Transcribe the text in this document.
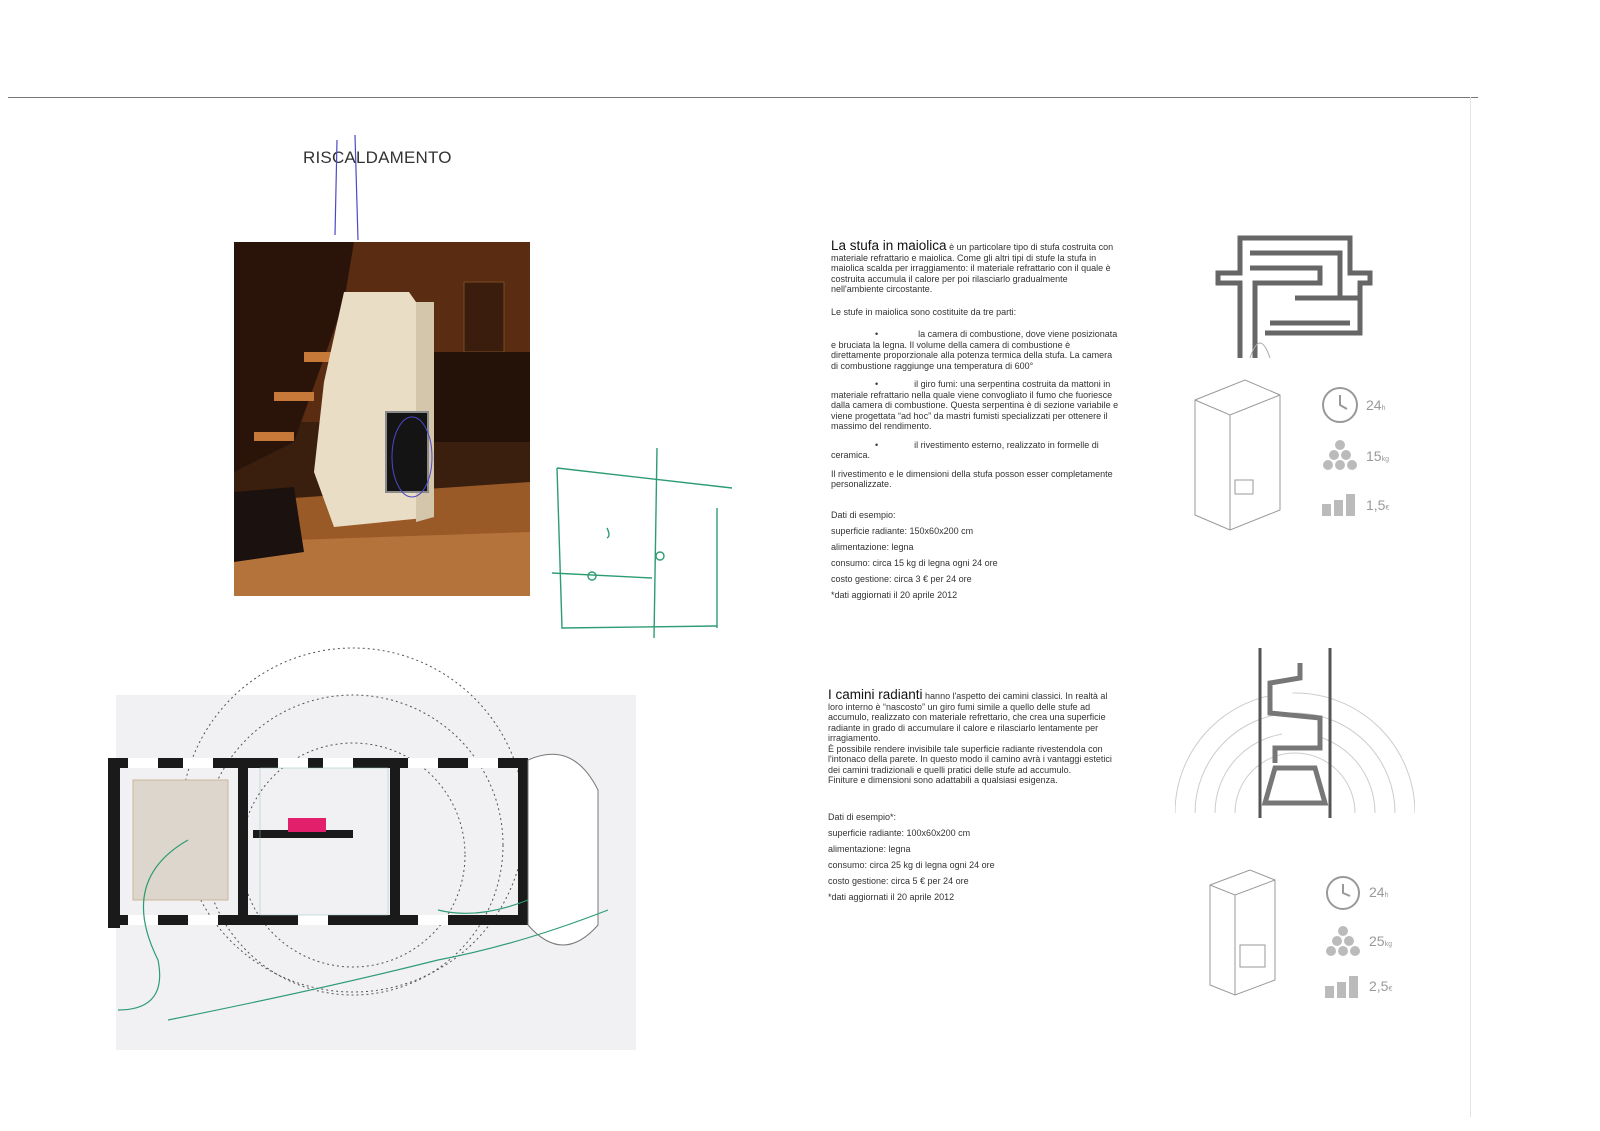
RISCALDAMENTO

La stufa in maiolica è un particolare tipo di stufa costruita con materiale refrattario e maiolica. Come gli altri tipi di stufe la stufa in maiolica scalda per irraggiamento: il materiale refrattario con il quale è costruita accumula il calore per poi rilasciarlo gradualmente nell'ambiente circostante.

Le stufe in maiolica sono costituite da tre parti:

•	la camera di combustione, dove viene posizionata e bruciata la legna. Il volume della camera di combustione è direttamente proporzionale alla potenza termica della stufa. La camera di combustione raggiunge una temperatura di 600°

•	il giro fumi: una serpentina costruita da mattoni in materiale refrattario nella quale viene convogliato il fumo che fuoriesce dalla camera di combustione. Questa serpentina è di sezione variabile e viene progettata “ad hoc” da mastri fumisti specializzati per ottenere il massimo del rendimento.

•	il rivestimento esterno, realizzato in formelle di ceramica.

Il rivestimento e le dimensioni della stufa posson esser completamente personalizzate.

Dati di esempio:
superficie radiante: 150x60x200 cm
alimentazione: legna
consumo: circa 15 kg di legna ogni 24 ore
costo gestione: circa 3 € per 24 ore
*dati aggiornati il 20 aprile 2012

I camini radianti hanno l'aspetto dei camini classici. In realtà al loro interno è “nascosto” un giro fumi simile a quello delle stufe ad accumulo, realizzato con materiale refrettario, che crea una superficie radiante in grado di accumulare il calore e rilasciarlo lentamente per irragiamento.

È possibile rendere invisibile tale superficie radiante rivestendola con l'intonaco della parete. In questo modo il camino avrà i vantaggi estetici dei camini tradizionali e quelli pratici delle stufe ad accumulo.

Finiture e dimensioni sono adattabili a qualsiasi esigenza.

Dati di esempio*:
superficie radiante: 100x60x200 cm
alimentazione: legna
consumo: circa 25 kg di legna ogni 24 ore
costo gestione: circa 5 € per 24 ore
*dati aggiornati il 20 aprile 2012
24h
15kg
1,5€
24h
25kg
2,5€
